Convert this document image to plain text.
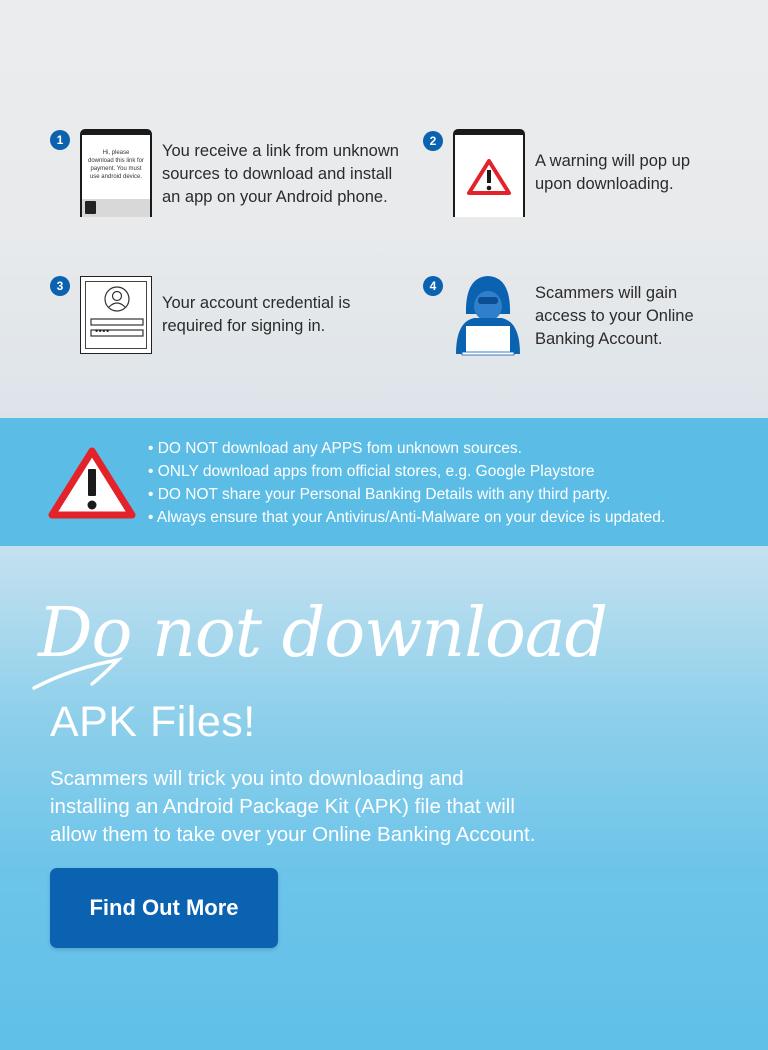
1
Hi, please
download this link for
payment. You must
use android device.
You receive a link from unknown
sources to download and install
an app on your Android phone.
2
A warning will pop up
upon downloading.
3
••••
Your account credential is
required for signing in.
4	Scammers will gain
access to your Online
Banking Account.
• DO NOT download any APPS fom unknown sources.
• ONLY download apps from official stores, e.g. Google Playstore
• DO NOT share your Personal Banking Details with any third party.
• Always ensure that your Antivirus/Anti-Malware on your device is updated.
Do not download
APK Files!
Scammers will trick you into downloading and
installing an Android Package Kit (APK) file that will
allow them to take over your Online Banking Account.
Find Out More
